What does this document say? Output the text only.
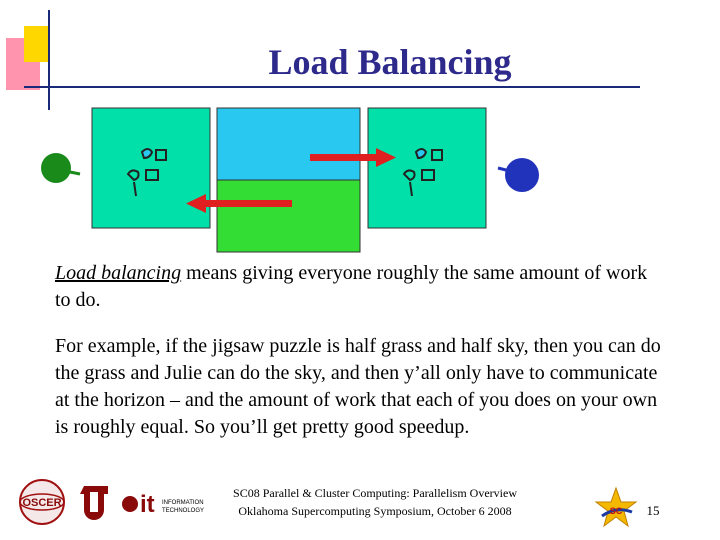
Load Balancing

Load balancing means giving everyone roughly the same amount of work to do.

For example, if the jigsaw puzzle is half grass and half sky, then you can do the grass and Julie can do the sky, and then y’all only have to communicate at the horizon – and the amount of work that each of you does on your own is roughly equal. So you’ll get pretty good speedup.

OSCER	it INFORMATION
TECHNOLOGY
SC08 Parallel & Cluster Computing: Parallelism Overview
Oklahoma Supercomputing Symposium, October 6 2008	SC	15
